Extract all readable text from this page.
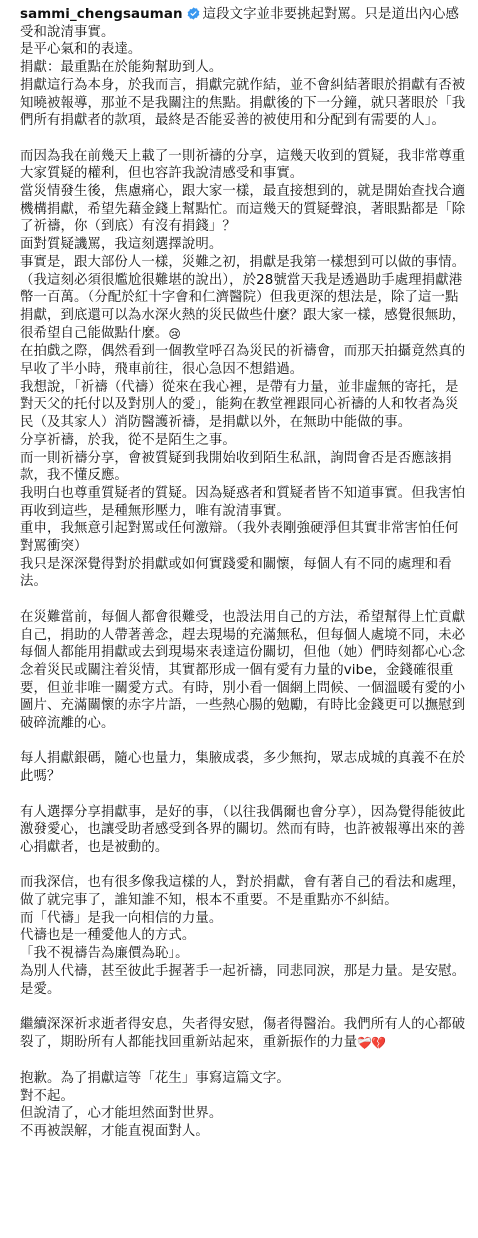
sammi_chengsauman 這段文字並非要挑起對罵。只是道出內心感受和說清事實。
是平心氣和的表達。
捐獻：最重點在於能夠幫助到人。
捐獻這行為本身，於我而言，捐獻完就作結，並不會糾結著眼於捐獻有否被知曉被報導，那並不是我關注的焦點。捐獻後的下一分鐘，就只著眼於「我們所有捐獻者的款項，最終是否能妥善的被使用和分配到有需要的人」。
而因為我在前幾天上載了一則祈禱的分享，這幾天收到的質疑，我非常尊重大家質疑的權利，但也容許我說清感受和事實。
當災情發生後，焦慮痛心，跟大家一樣，最直接想到的，就是開始查找合適機構捐獻，希望先藉金錢上幫點忙。而這幾天的質疑聲浪，著眼點都是「除了祈禱，你（到底）有沒有捐錢」？
面對質疑譏罵，我這刻選擇說明。
事實是，跟大部份人一樣，災難之初，捐獻是我第一樣想到可以做的事情。（我這刻必須很尷尬很難堪的說出），於28號當天我是透過助手處理捐獻港幣一百萬。（分配於紅十字會和仁濟醫院）但我更深的想法是，除了這一點捐獻，到底還可以為水深火熱的災民做些什麼？跟大家一樣，感覺很無助，很希望自己能做點什麼。😢
在拍戲之際，偶然看到一個教堂呼召為災民的祈禱會，而那天拍攝竟然真的早收了半小時，飛車前往，很心急因不想錯過。
我想說，「祈禱（代禱）從來在我心裡，是帶有力量，並非虛無的寄托，是對天父的托付以及對別人的愛」，能夠在教堂裡跟同心祈禱的人和牧者為災民（及其家人）消防醫護祈禱，是捐獻以外，在無助中能做的事。
分享祈禱，於我，從不是陌生之事。
而一則祈禱分享，會被質疑到我開始收到陌生私訊，詢問會否是否應該捐款，我不懂反應。
我明白也尊重質疑者的質疑。因為疑惑者和質疑者皆不知道事實。但我害怕再收到這些，是種無形壓力，唯有說清事實。
重申，我無意引起對罵或任何激辯。（我外表剛強硬淨但其實非常害怕任何對罵衝突）
我只是深深覺得對於捐獻或如何實踐愛和關懷，每個人有不同的處理和看法。
在災難當前，每個人都會很難受，也設法用自己的方法，希望幫得上忙貢獻自己，捐助的人帶著善念，趕去現場的充滿無私，但每個人處境不同，未必每個人都能用捐獻或去到現場來表達這份關切，但他（她）們時刻都心心念念着災民或關注着災情，其實都形成一個有愛有力量的vibe，金錢確很重要，但並非唯一關愛方式。有時，別小看一個網上問候、一個溫暖有愛的小圖片、充滿關懷的赤字片語，一些熱心腸的勉勵，有時比金錢更可以撫慰到破碎流離的心。
每人捐獻銀碼，隨心也量力，集腋成裘，多少無拘，眾志成城的真義不在於此嗎？
有人選擇分享捐獻事，是好的事，（以往我偶爾也會分享），因為覺得能彼此激發愛心，也讓受助者感受到各界的關切。然而有時，也許被報導出來的善心捐獻者，也是被動的。
而我深信，也有很多像我這樣的人，對於捐獻，會有著自己的看法和處理，做了就完事了，誰知誰不知，根本不重要。不是重點亦不糾結。
而「代禱」是我一向相信的力量。
代禱也是一種愛他人的方式。
「我不視禱告為廉價為恥」。
為別人代禱，甚至彼此手握著手一起祈禱，同悲同淚，那是力量。是安慰。是愛。
繼續深深祈求逝者得安息，失者得安慰，傷者得醫治。我們所有人的心都破裂了，期盼所有人都能找回重新站起來，重新振作的力量❤️‍🩹💔
抱歉。為了捐獻這等「花生」事寫這篇文字。
對不起。
但說清了，心才能坦然面對世界。
不再被誤解，才能直視面對人。
